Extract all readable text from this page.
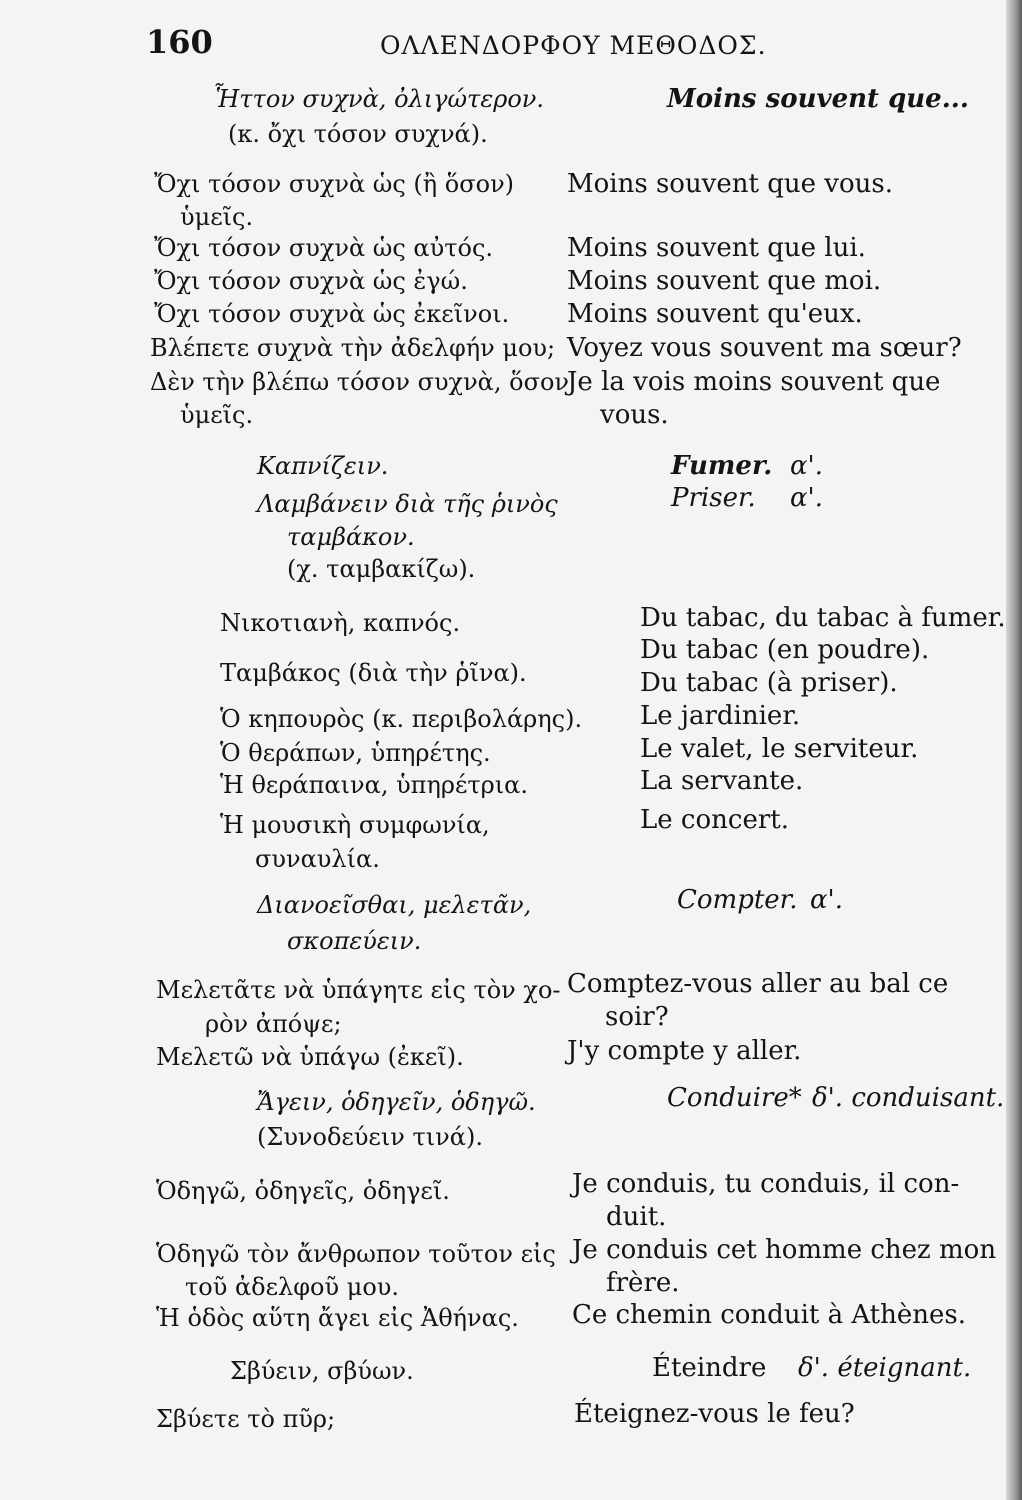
160	ΟΛΛΕΝΔΟΡΦΟΥ ΜΕΘΟΔΟΣ.
Ἧττον συχνὰ, ὀλιγώτερον.
(κ. ὄχι τόσον συχνά).
Ὄχι τόσον συχνὰ ὡς (ἢ ὅσον)
ὑμεῖς.
Ὄχι τόσον συχνὰ ὡς αὐτός.
Ὄχι τόσον συχνὰ ὡς ἐγώ.
Ὄχι τόσον συχνὰ ὡς ἐκεῖνοι.
Βλέπετε συχνὰ τὴν ἀδελφήν μου;
Δὲν τὴν βλέπω τόσον συχνὰ, ὅσον
ὑμεῖς.
Καπνίζειν.
Λαμβάνειν διὰ τῆς ῥινὸς
ταμβάκον.
(χ. ταμβακίζω).
Νικοτιανὴ, καπνός.
Ταμβάκος (διὰ τὴν ῥῖνα).
Ὁ κηπουρὸς (κ. περιβολάρης).
Ὁ θεράπων, ὑπηρέτης.
Ἡ θεράπαινα, ὑπηρέτρια.
Ἡ μουσικὴ συμφωνία,
συναυλία.
Διανοεῖσθαι, μελετᾶν,
σκοπεύειν.
Μελετᾶτε νὰ ὑπάγητε εἰς τὸν χο-
ρὸν ἀπόψε;
Μελετῶ νὰ ὑπάγω (ἐκεῖ).
Ἄγειν, ὁδηγεῖν, ὁδηγῶ.
(Συνοδεύειν τινά).
Ὁδηγῶ, ὁδηγεῖς, ὁδηγεῖ.
Ὁδηγῶ τὸν ἄνθρωπον τοῦτον εἰς
τοῦ ἀδελφοῦ μου.
Ἡ ὁδὸς αὕτη ἄγει εἰς Ἀθήνας.
Σβύειν, σβύων.
Σβύετε τὸ πῦρ;
Moins souvent que...
Moins souvent que vous.
Moins souvent que lui.
Moins souvent que moi.
Moins souvent qu'eux.
Voyez vous souvent ma sœur?
Je la vois moins souvent que
vous.
Fumer. α'.
Priser. α'.
Du tabac, du tabac à fumer.
Du tabac (en poudre).
Du tabac (à priser).
Le jardinier.
Le valet, le serviteur.
La servante.
Le concert.
Compter. α'.
Comptez-vous aller au bal ce
soir?
J'y compte y aller.
Conduire* δ'. conduisant.
Je conduis, tu conduis, il con-
duit.
Je conduis cet homme chez mon
frère.
Ce chemin conduit à Athènes.
Éteindre δ'. éteignant.
Éteignez-vous le feu?
